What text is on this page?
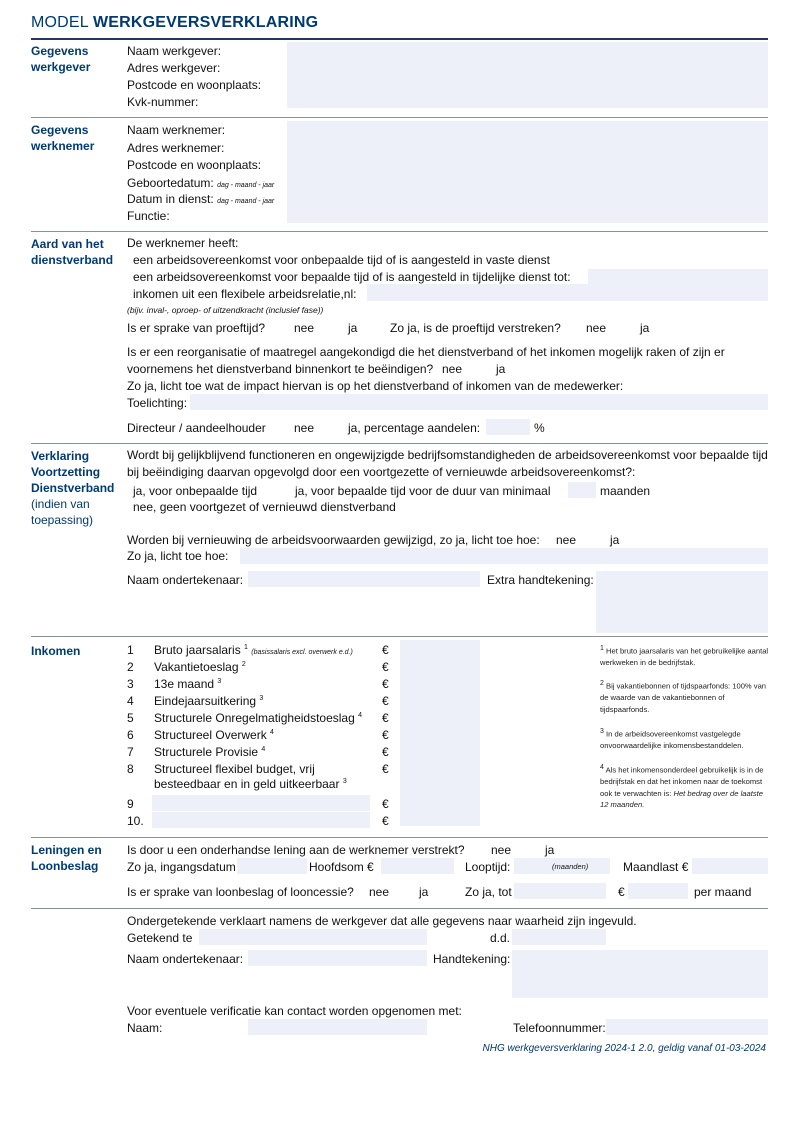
MODEL WERKGEVERSVERKLARING
Gegevens werkgever
Naam werkgever:
Adres werkgever:
Postcode en woonplaats:
Kvk-nummer:
Gegevens werknemer
Naam werknemer:
Adres werknemer:
Postcode en woonplaats:
Geboortedatum: dag - maand - jaar
Datum in dienst: dag - maand - jaar
Functie:
Aard van het dienstverband
De werknemer heeft:
een arbeidsovereenkomst voor onbepaalde tijd of is aangesteld in vaste dienst
een arbeidsovereenkomst voor bepaalde tijd of is aangesteld in tijdelijke dienst tot:
inkomen uit een flexibele arbeidsrelatie,nl:
(bijv. inval-, oproep- of uitzendkracht (inclusief fase))
Is er sprake van proeftijd? nee	ja	Zo ja, is de proeftijd verstreken? nee	ja
Is er een reorganisatie of maatregel aangekondigd die het dienstverband of het inkomen mogelijk raken of zijn er
voornemens het dienstverband binnenkort te beëindigen? nee	ja
Zo ja, licht toe wat de impact hiervan is op het dienstverband of inkomen van de medewerker:
Toelichting:
Directeur / aandeelhouder nee	ja, percentage aandelen:	%
Verklaring Voortzetting Dienstverband
(indien van toepassing)
Wordt bij gelijkblijvend functioneren en ongewijzigde bedrijfsomstandigheden de arbeidsovereenkomst voor bepaalde tijd
bij beëindiging daarvan opgevolgd door een voortgezette of vernieuwde arbeidsovereenkomst?:
ja, voor onbepaalde tijd	ja, voor bepaalde tijd voor de duur van minimaal	maanden
nee, geen voortgezet of vernieuwd dienstverband
Worden bij vernieuwing de arbeidsvoorwaarden gewijzigd, zo ja, licht toe hoe: nee	ja
Zo ja, licht toe hoe:
Naam ondertekenaar:	Extra handtekening:
Inkomen	1 Bruto jaarsalaris $^1$ (basissalaris excl. overwerk e.d.) €
2 Vakantietoeslag $^2$	€
3 13e maand $^3$	€
4 Eindejaarsuitkering $^3$	€
5 Structurele Onregelmatigheidstoeslag $^4$ €
6 Structureel Overwerk $^4$	€
7 Structurele Provisie $^4$	€
8 Structureel flexibel budget, vrij	€
besteedbaar en in geld uitkeerbaar $^3$
9	€
10.	€
$^1$ Het bruto jaarsalaris van het gebruikelijke aantal werkweken in de bedrijfstak.
$^2$ Bij vakantiebonnen of tijdspaarfonds: 100% van de waarde van de vakantiebonnen of tijdspaarfonds.
$^3$ In de arbeidsovereenkomst vastgelegde onvoorwaardelijke inkomensbestanddelen.
$^4$ Als het inkomensonderdeel gebruikelijk is in de bedrijfstak en dat het inkomen naar de toekomst ook te verwachten is: Het bedrag over de laatste 12 maanden.
Leningen en Loonbeslag
Is door u een onderhandse lening aan de werknemer verstrekt? nee	ja
Zo ja, ingangsdatum	Hoofdsom €	Looptijd:	(maanden)	Maandlast €
Is er sprake van loonbeslag of looncessie? nee ja	Zo ja, tot	€	per maand
Ondergetekende verklaart namens de werkgever dat alle gegevens naar waarheid zijn ingevuld.
Getekend te	d.d.
Naam ondertekenaar:	Handtekening:
Voor eventuele verificatie kan contact worden opgenomen met:
Naam:	Telefoonnummer:
NHG werkgeversverklaring 2024-1 2.0, geldig vanaf 01-03-2024
